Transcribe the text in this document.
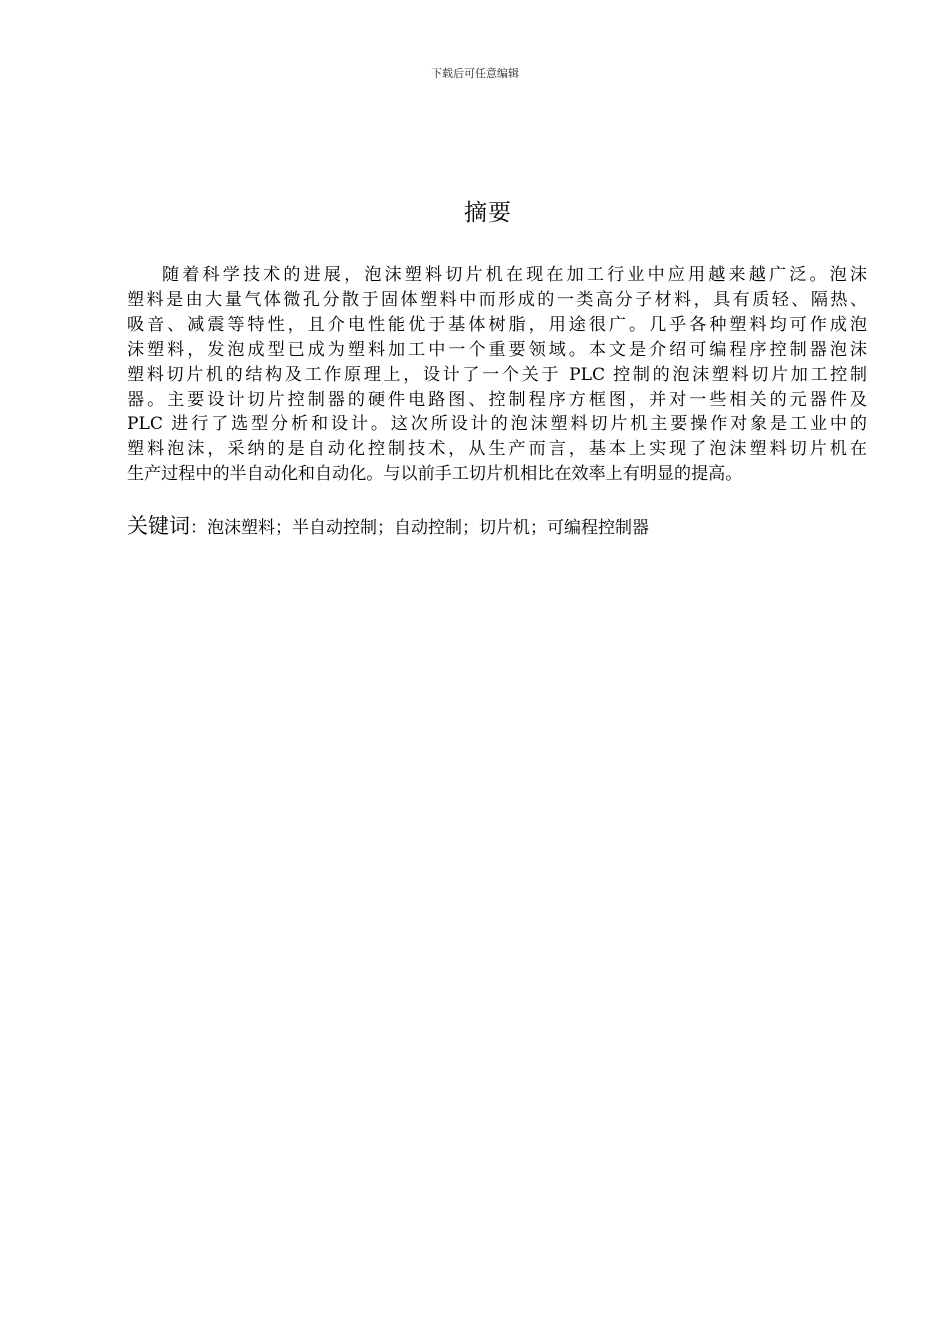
下载后可任意编辑
摘要

随着科学技术的进展，泡沫塑料切片机在现在加工行业中应用越来越广泛。泡沫
塑料是由大量气体微孔分散于固体塑料中而形成的一类高分子材料，具有质轻、隔热、
吸音、减震等特性，且介电性能优于基体树脂，用途很广。几乎各种塑料均可作成泡
沫塑料，发泡成型已成为塑料加工中一个重要领域。本文是介绍可编程序控制器泡沫
塑料切片机的结构及工作原理上，设计了一个关于 PLC 控制的泡沫塑料切片加工控制
器。主要设计切片控制器的硬件电路图、控制程序方框图，并对一些相关的元器件及
PLC 进行了选型分析和设计。这次所设计的泡沫塑料切片机主要操作对象是工业中的
塑料泡沫，采纳的是自动化控制技术，从生产而言，基本上实现了泡沫塑料切片机在
生产过程中的半自动化和自动化。与以前手工切片机相比在效率上有明显的提高。

关键词：泡沫塑料；半自动控制；自动控制；切片机；可编程控制器
